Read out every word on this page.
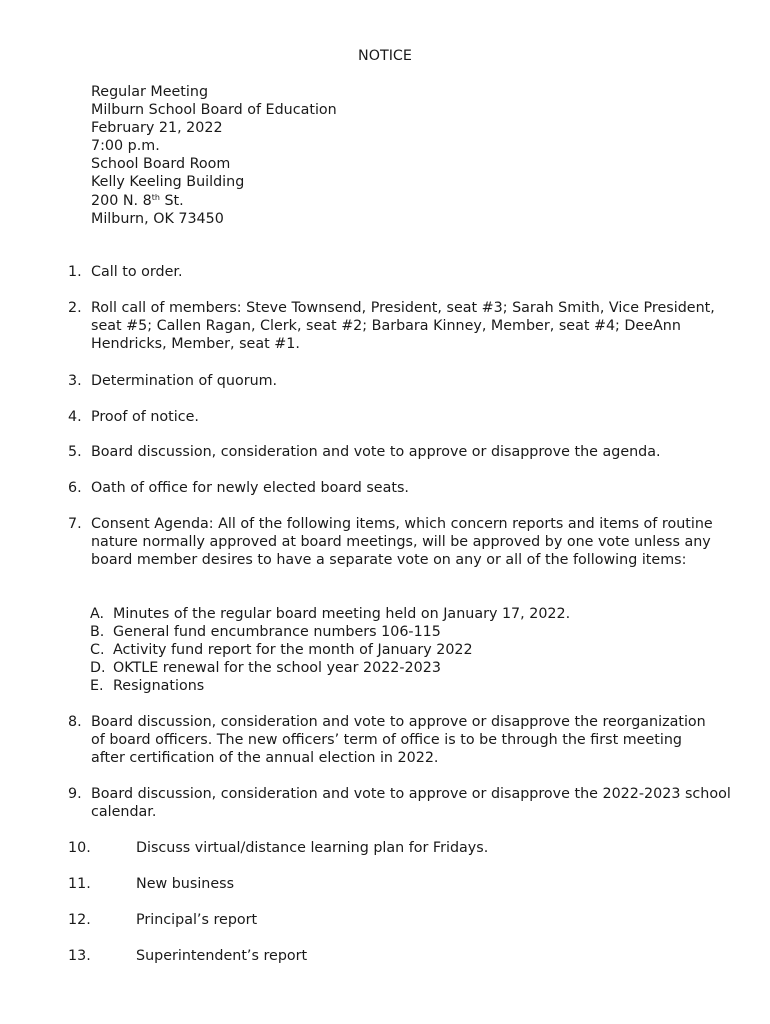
NOTICE
Regular Meeting
Milburn School Board of Education
February 21, 2022
7:00 p.m.
School Board Room
Kelly Keeling Building
200 N. 8th St.
Milburn, OK 73450
1. Call to order.
2. Roll call of members: Steve Townsend, President, seat #3; Sarah Smith, Vice President, seat #5; Callen Ragan, Clerk, seat #2; Barbara Kinney, Member, seat #4; DeeAnn Hendricks, Member, seat #1.
3. Determination of quorum.
4. Proof of notice.
5. Board discussion, consideration and vote to approve or disapprove the agenda.
6. Oath of office for newly elected board seats.
7. Consent Agenda: All of the following items, which concern reports and items of routine nature normally approved at board meetings, will be approved by one vote unless any board member desires to have a separate vote on any or all of the following items:
A. Minutes of the regular board meeting held on January 17, 2022.
B. General fund encumbrance numbers 106-115
C. Activity fund report for the month of January 2022
D. OKTLE renewal for the school year 2022-2023
E. Resignations
8. Board discussion, consideration and vote to approve or disapprove the reorganization of board officers. The new officers’ term of office is to be through the first meeting after certification of the annual election in 2022.
9. Board discussion, consideration and vote to approve or disapprove the 2022-2023 school calendar.
10.	Discuss virtual/distance learning plan for Fridays.
11.	New business
12.	Principal’s report
13.	Superintendent’s report
